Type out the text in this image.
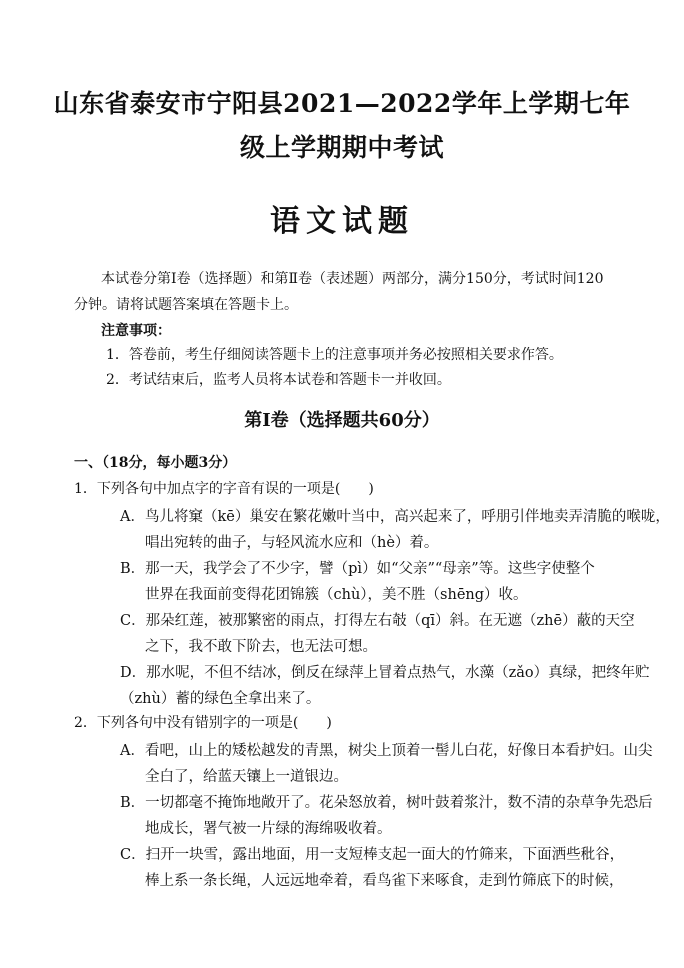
山东省泰安市宁阳县2021—2022学年上学期七年
级上学期期中考试
语文试题
本试卷分第Ⅰ卷（选择题）和第Ⅱ卷（表述题）两部分，满分150分，考试时间120
分钟。请将试题答案填在答题卡上。
注意事项：
1．答卷前，考生仔细阅读答题卡上的注意事项并务必按照相关要求作答。
2．考试结束后，监考人员将本试卷和答题卡一并收回。
第Ⅰ卷（选择题共60分）
一、（18分，每小题3分）
1．下列各句中加点字的字音有误的一项是(　　)
A．鸟儿将窠（kē）巢安在繁花嫩叶当中，高兴起来了，呼朋引伴地卖弄清脆的喉咙，
唱出宛转的曲子，与轻风流水应和（hè）着。
B．那一天，我学会了不少字，譬（pì）如“父亲”“母亲”等。这些字使整个
世界在我面前变得花团锦簇（chù），美不胜（shēng）收。
C．那朵红莲，被那繁密的雨点，打得左右攲（qī）斜。在无遮（zhē）蔽的天空
之下，我不敢下阶去，也无法可想。
D．那水呢，不但不结冰，倒反在绿萍上冒着点热气，水藻（zǎo）真绿，把终年贮
（zhù）蓄的绿色全拿出来了。
2．下列各句中没有错别字的一项是(　　)
A．看吧，山上的矮松越发的青黑，树尖上顶着一髻儿白花，好像日本看护妇。山尖
全白了，给蓝天镶上一道银边。
B．一切都毫不掩饰地敞开了。花朵怒放着，树叶鼓着浆汁，数不清的杂草争先恐后
地成长，署气被一片绿的海绵吸收着。
C．扫开一块雪，露出地面，用一支短棒支起一面大的竹筛来，下面洒些秕谷，
棒上系一条长绳，人远远地牵着，看鸟雀下来啄食，走到竹筛底下的时候，
